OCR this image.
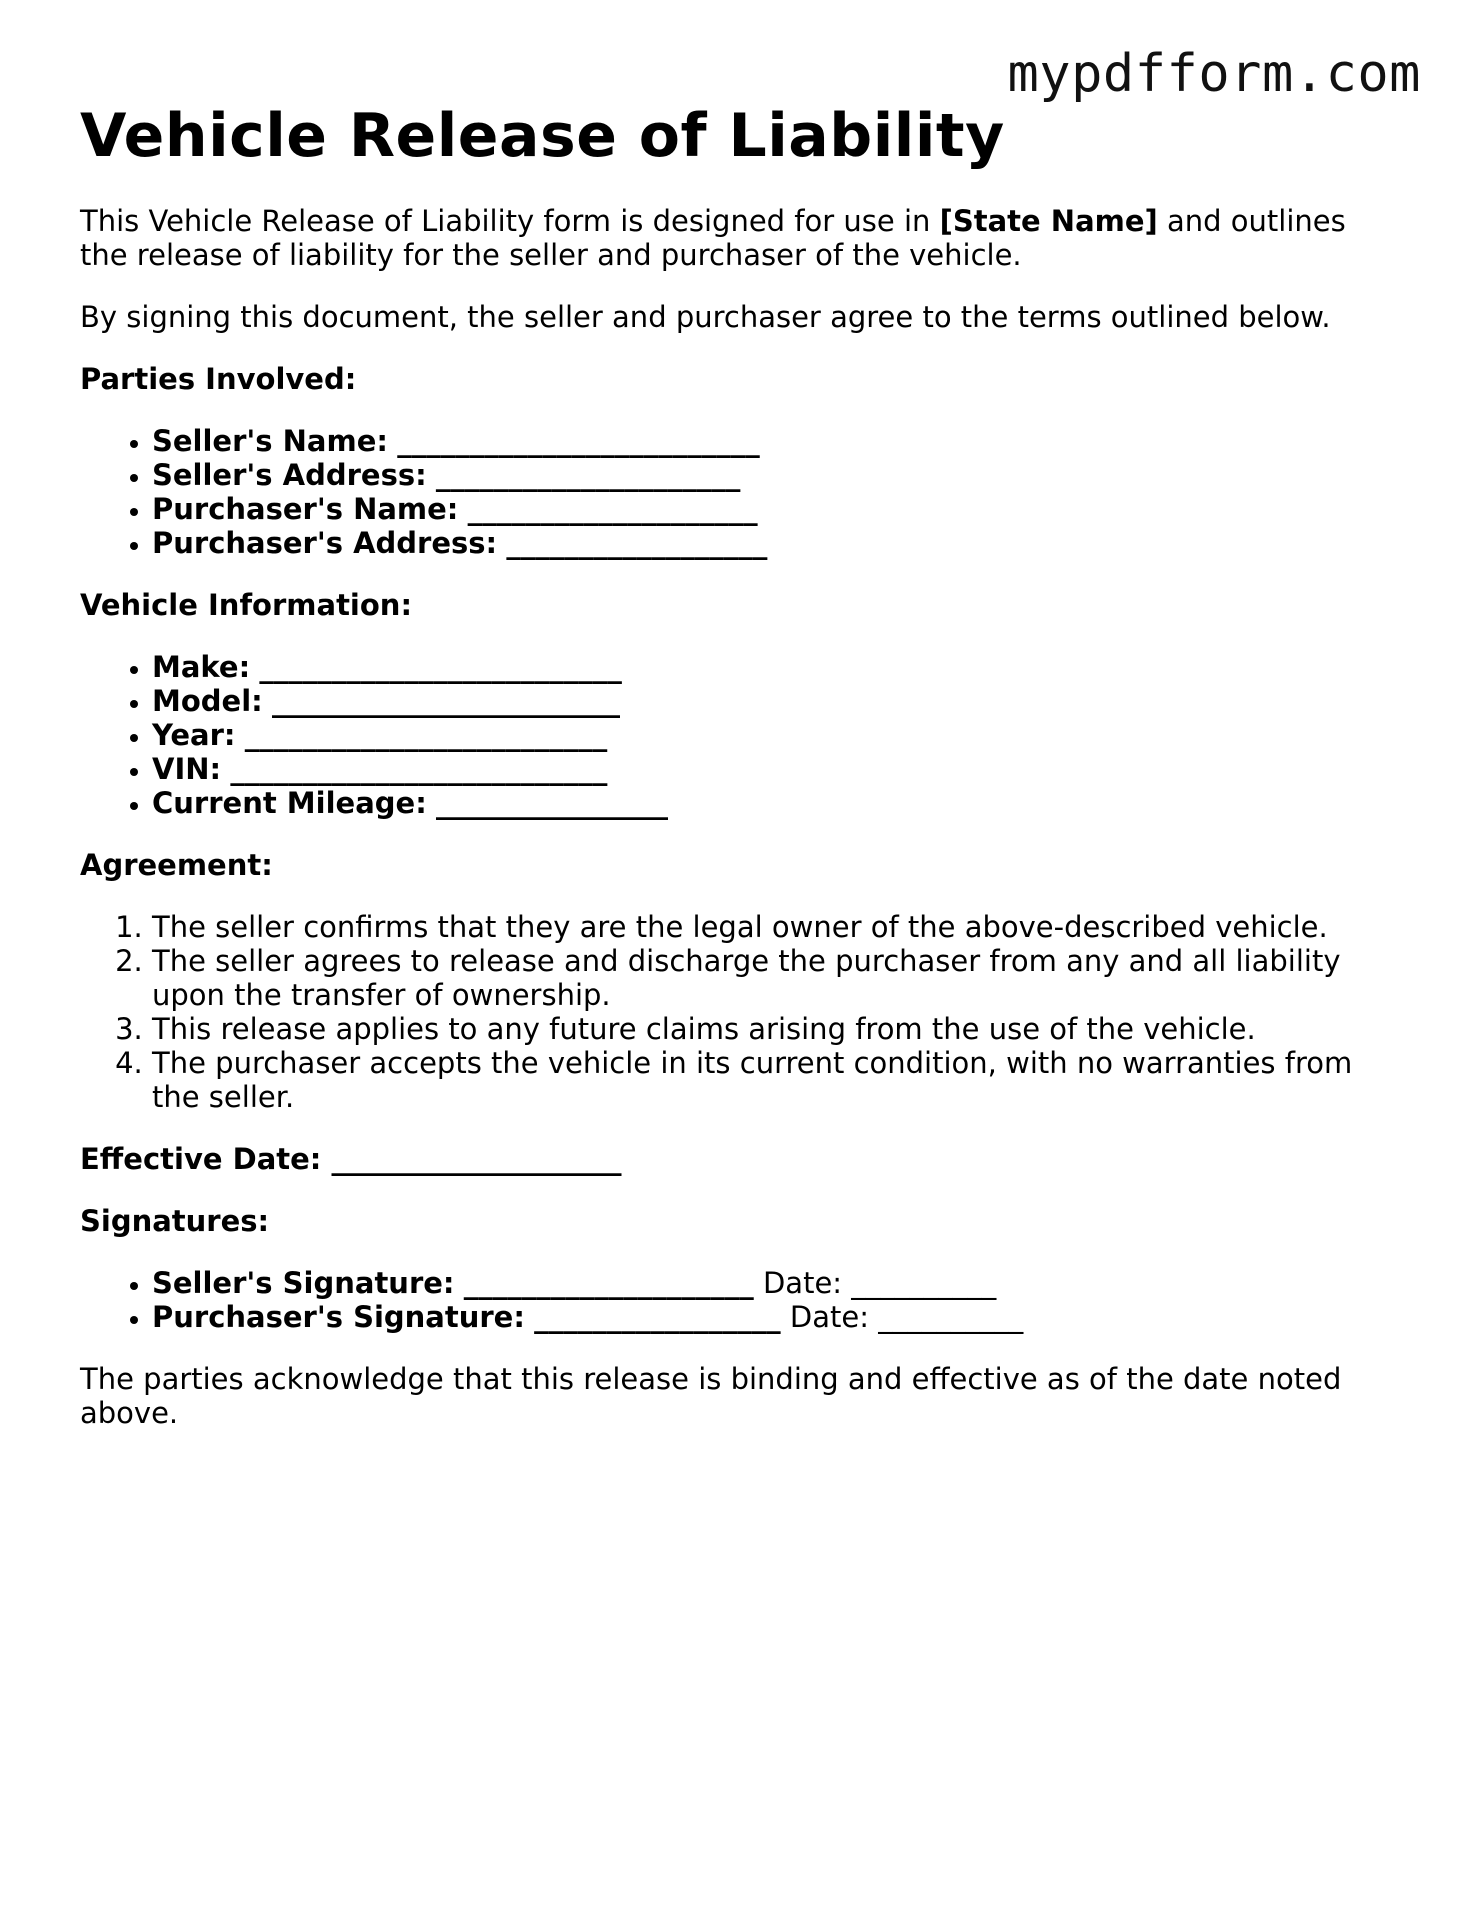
mypdfform.com
Vehicle Release of Liability

This Vehicle Release of Liability form is designed for use in [State Name] and outlines the release of liability for the seller and purchaser of the vehicle.

By signing this document, the seller and purchaser agree to the terms outlined below.

Parties Involved:

• Seller's Name: _________________________
• Seller's Address: _____________________
• Purchaser's Name: ____________________
• Purchaser's Address: __________________

Vehicle Information:

• Make: _________________________
• Model: ________________________
• Year: _________________________
• VIN: __________________________
• Current Mileage: ________________

Agreement:

1. The seller confirms that they are the legal owner of the above-described vehicle.
2. The seller agrees to release and discharge the purchaser from any and all liability upon the transfer of ownership.
3. This release applies to any future claims arising from the use of the vehicle.
4. The purchaser accepts the vehicle in its current condition, with no warranties from the seller.

Effective Date: ____________________

Signatures:

• Seller's Signature: ____________________ Date: __________
• Purchaser's Signature: _________________ Date: __________

The parties acknowledge that this release is binding and effective as of the date noted above.
